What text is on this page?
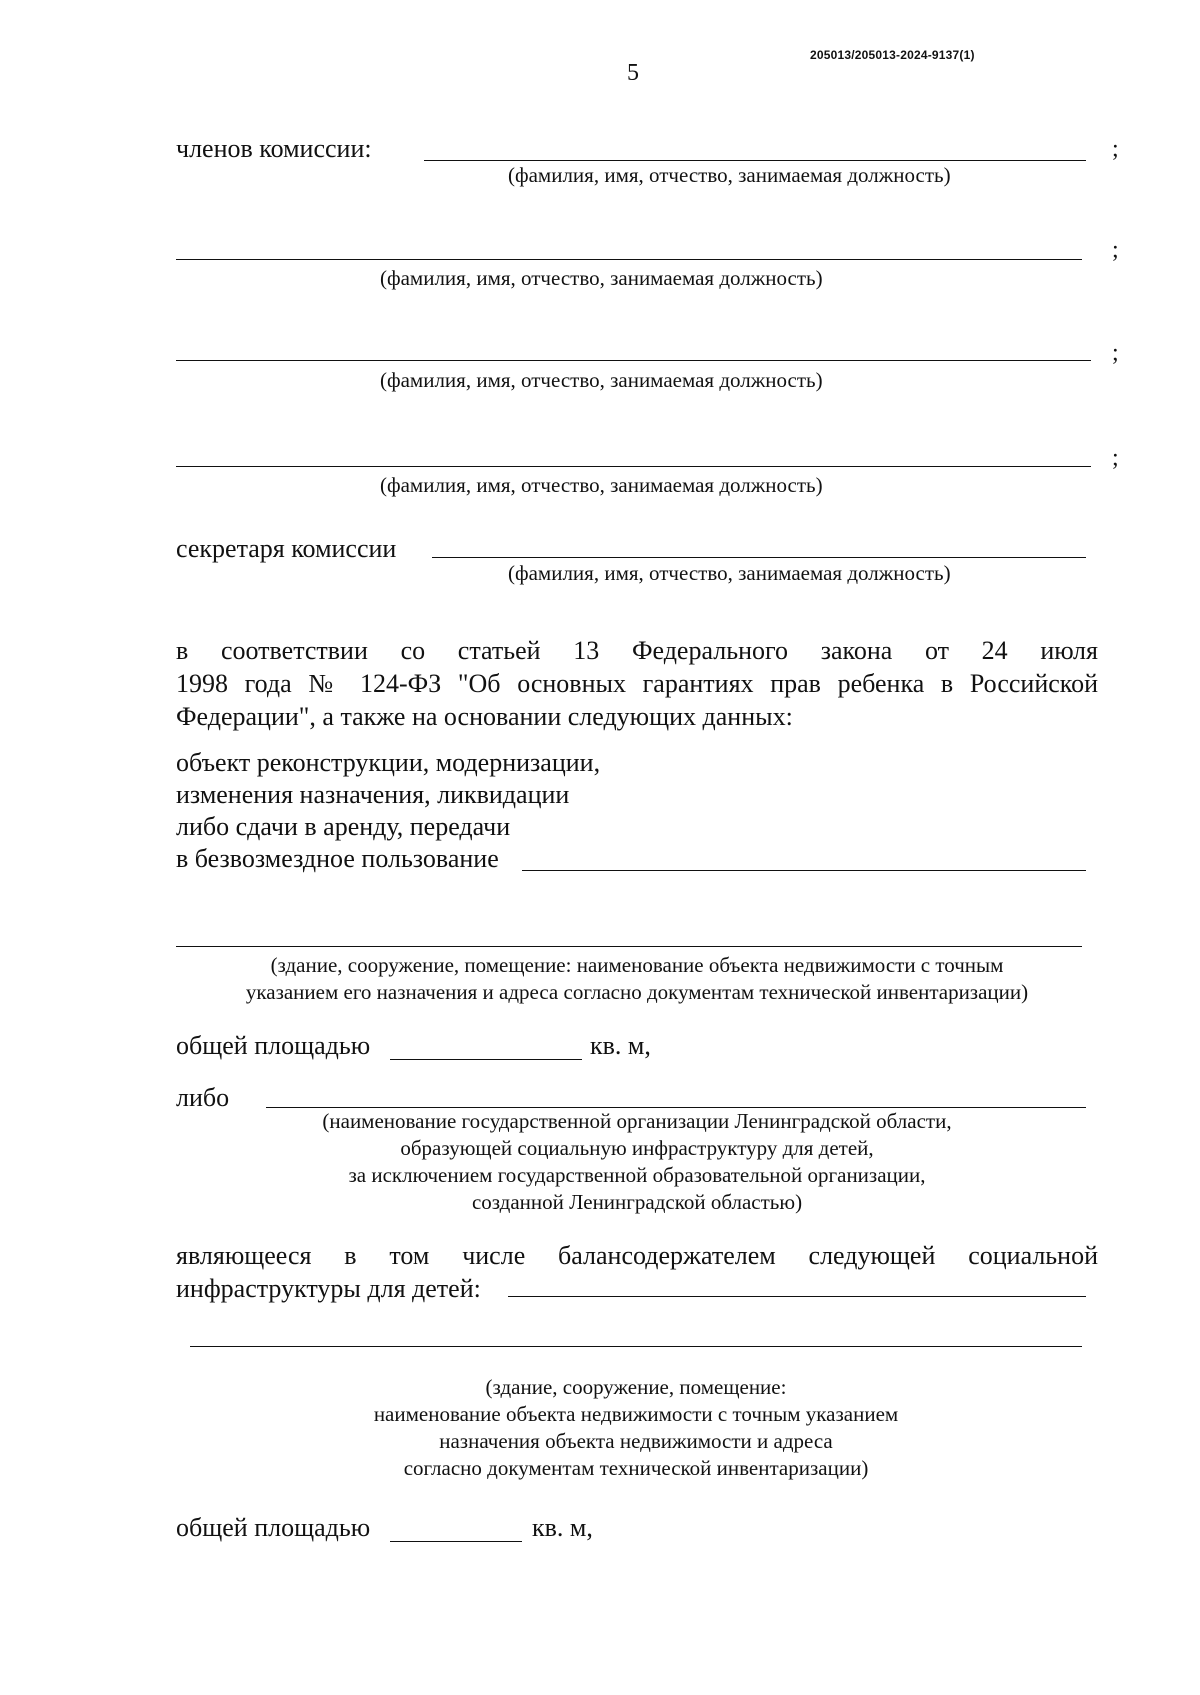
205013/205013-2024-9137(1)
5
членов комиссии:	;
(фамилия, имя, отчество, занимаемая должность)
;
(фамилия, имя, отчество, занимаемая должность)
;
(фамилия, имя, отчество, занимаемая должность)
;
(фамилия, имя, отчество, занимаемая должность)
секретаря комиссии
(фамилия, имя, отчество, занимаемая должность)

в соответствии со статьей 13 Федерального закона от 24 июля

1998 года № 124-ФЗ "Об основных гарантиях прав ребенка в Российской

Федерации", а также на основании следующих данных:

объект реконструкции, модернизации,
изменения назначения, ликвидации
либо сдачи в аренду, передачи
в безвозмездное пользование
(здание, сооружение, помещение: наименование объекта недвижимости с точным
указанием его назначения и адреса согласно документам технической инвентаризации)
общей площадью	кв. м,
либо
(наименование государственной организации Ленинградской области,
образующей социальную инфраструктуру для детей,
за исключением государственной образовательной организации,
созданной Ленинградской областью)

являющееся в том числе балансодержателем следующей социальной

инфраструктуры для детей:

(здание, сооружение, помещение:
наименование объекта недвижимости с точным указанием
назначения объекта недвижимости и адреса
согласно документам технической инвентаризации)
общей площадью	кв. м,
